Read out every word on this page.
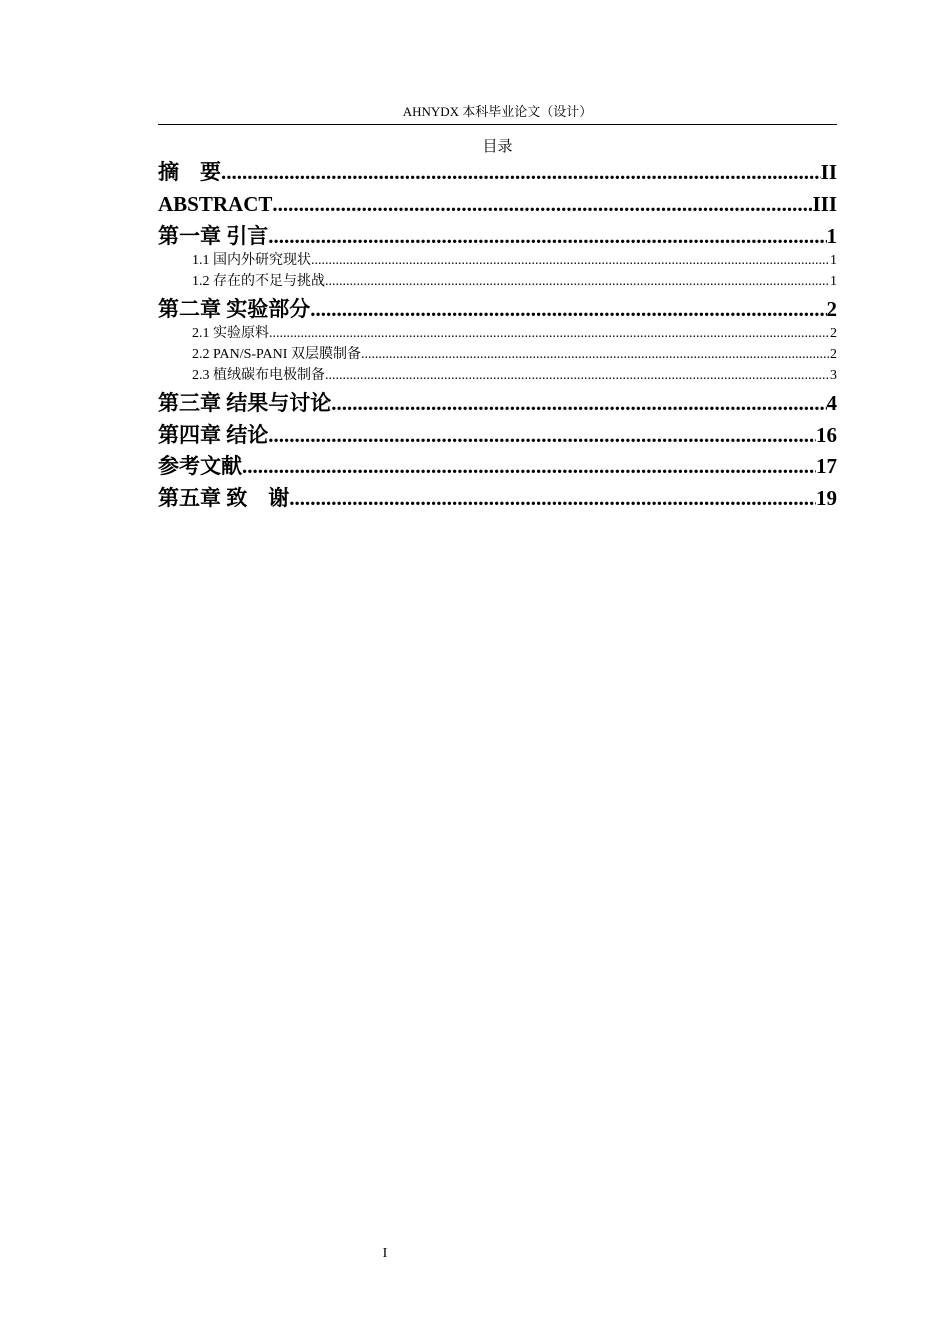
AHNYDX 本科毕业论文（设计）
目录
摘　要 .....	II
ABSTRACT .....	III
第一章 引言 .....	1
1.1 国内外研究现状 .....	1
1.2 存在的不足与挑战 .....	1
第二章 实验部分 .....	2
2.1 实验原料 .....	2
2.2 PAN/S-PANI 双层膜制备 .....	2
2.3 植绒碳布电极制备 .....	3
第三章 结果与讨论 .....	4
第四章 结论 .....	16
参考文献 .....	17
第五章 致　谢 .....	19
I
